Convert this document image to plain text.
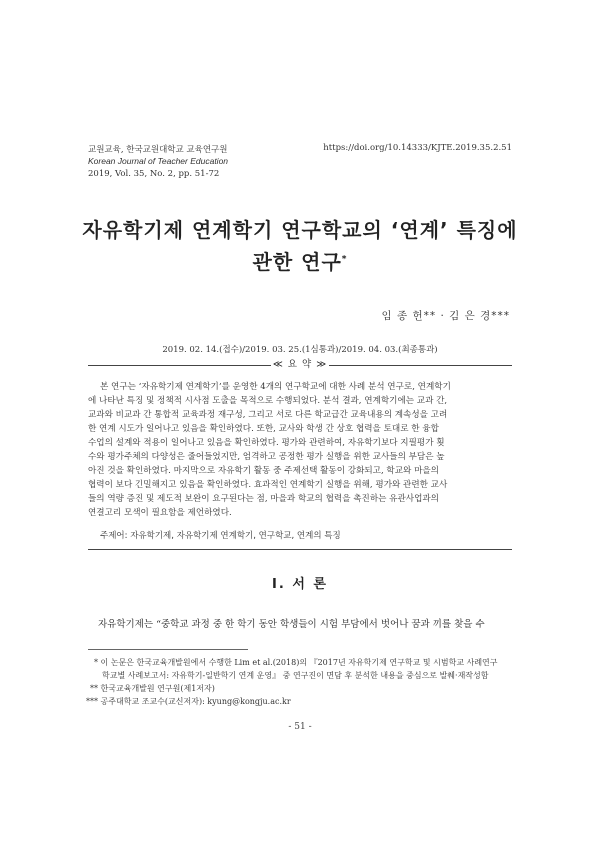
교원교육, 한국교원대학교 교육연구원
Korean Journal of Teacher Education
2019, Vol. 35, No. 2, pp. 51-72
https://doi.org/10.14333/KJTE.2019.35.2.51
자유학기제 연계학기 연구학교의 ‘연계’ 특징에
관한 연구*
임 종 헌** · 김 은 경***
2019. 02. 14.(접수)/2019. 03. 25.(1심통과)/2019. 04. 03.(최종통과)
≪ 요 약 ≫
본 연구는 ‘자유학기제 연계학기’를 운영한 4개의 연구학교에 대한 사례 분석 연구로, 연계학기
에 나타난 특징 및 정책적 시사점 도출을 목적으로 수행되었다. 분석 결과, 연계학기에는 교과 간,
교과와 비교과 간 통합적 교육과정 재구성, 그리고 서로 다른 학교급간 교육내용의 계속성을 고려
한 연계 시도가 일어나고 있음을 확인하였다. 또한, 교사와 학생 간 상호 협력을 토대로 한 융합
수업의 설계와 적용이 일어나고 있음을 확인하였다. 평가와 관련하여, 자유학기보다 지필평가 횟
수와 평가주체의 다양성은 줄어들었지만, 엄격하고 공정한 평가 실행을 위한 교사들의 부담은 높
아진 것을 확인하였다. 마지막으로 자유학기 활동 중 주제선택 활동이 강화되고, 학교와 마을의
협력이 보다 긴밀해지고 있음을 확인하였다. 효과적인 연계학기 실행을 위해, 평가와 관련한 교사
들의 역량 증진 및 제도적 보완이 요구된다는 점, 마을과 학교의 협력을 촉진하는 유관사업과의
연결고리 모색이 필요함을 제언하였다.
주제어: 자유학기제, 자유학기제 연계학기, 연구학교, 연계의 특징
Ⅰ. 서 론
자유학기제는 “중학교 과정 중 한 학기 동안 학생들이 시험 부담에서 벗어나 꿈과 끼를 찾을 수
* 이 논문은 한국교육개발원에서 수행한 Lim et al.(2018)의 『2017년 자유학기제 연구학교 및 시범학교 사례연구
학교별 사례보고서: 자유학기-일반학기 연계 운영』 중 연구진이 면담 후 분석한 내용을 중심으로 발췌·재작성함
** 한국교육개발원 연구원(제1저자)
*** 공주대학교 조교수(교신저자): kyung@kongju.ac.kr
- 51 -
